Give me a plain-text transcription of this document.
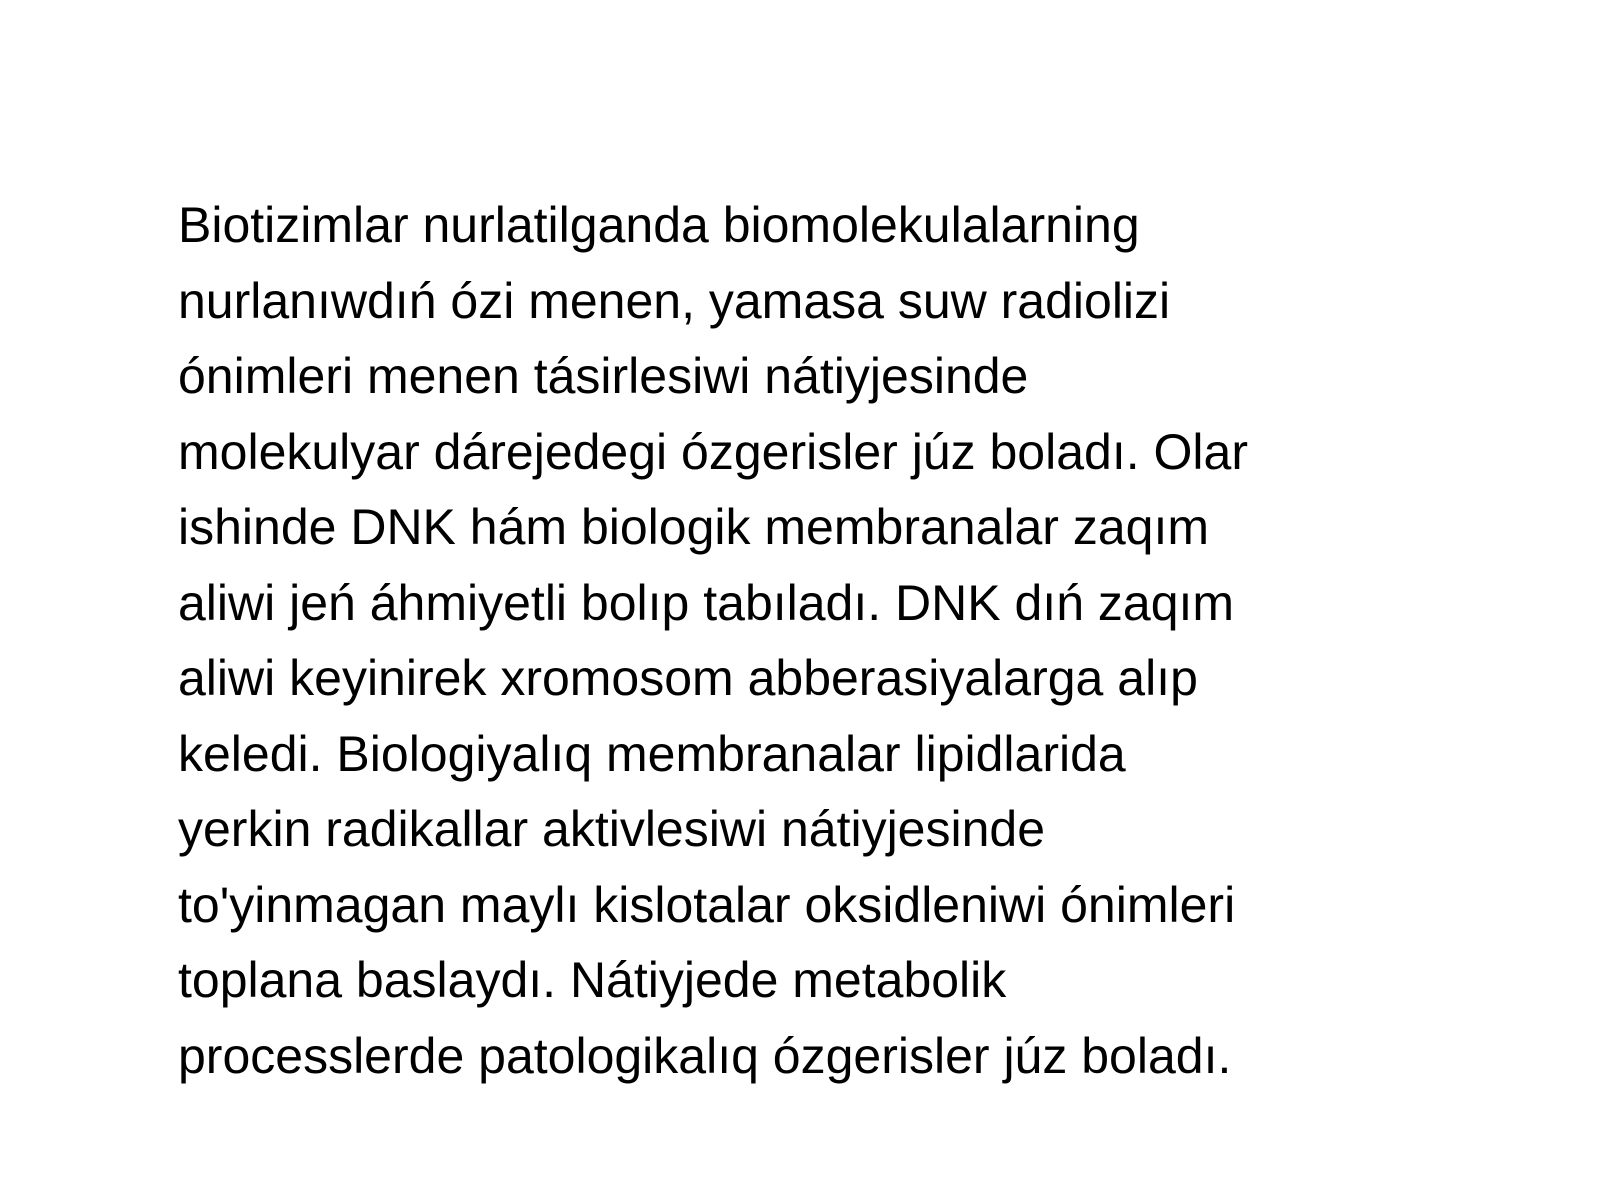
Biotizimlar nurlatilganda biomolekulalarning
nurlanıwdıń ózi menen, yamasa suw radiolizi
ónimleri menen tásirlesiwi nátiyjesinde
molekulyar dárejedegi ózgerisler júz boladı. Olar
ishinde DNK hám biologik membranalar zaqım
aliwi jeń áhmiyetli bolıp tabıladı. DNK dıń zaqım
aliwi keyinirek xromosom abberasiyalarga alıp
keledi. Biologiyalıq membranalar lipidlarida
yerkin radikallar aktivlesiwi nátiyjesinde
to'yinmagan maylı kislotalar oksidleniwi ónimleri
toplana baslaydı. Nátiyjede metabolik
processlerde patologikalıq ózgerisler júz boladı.
